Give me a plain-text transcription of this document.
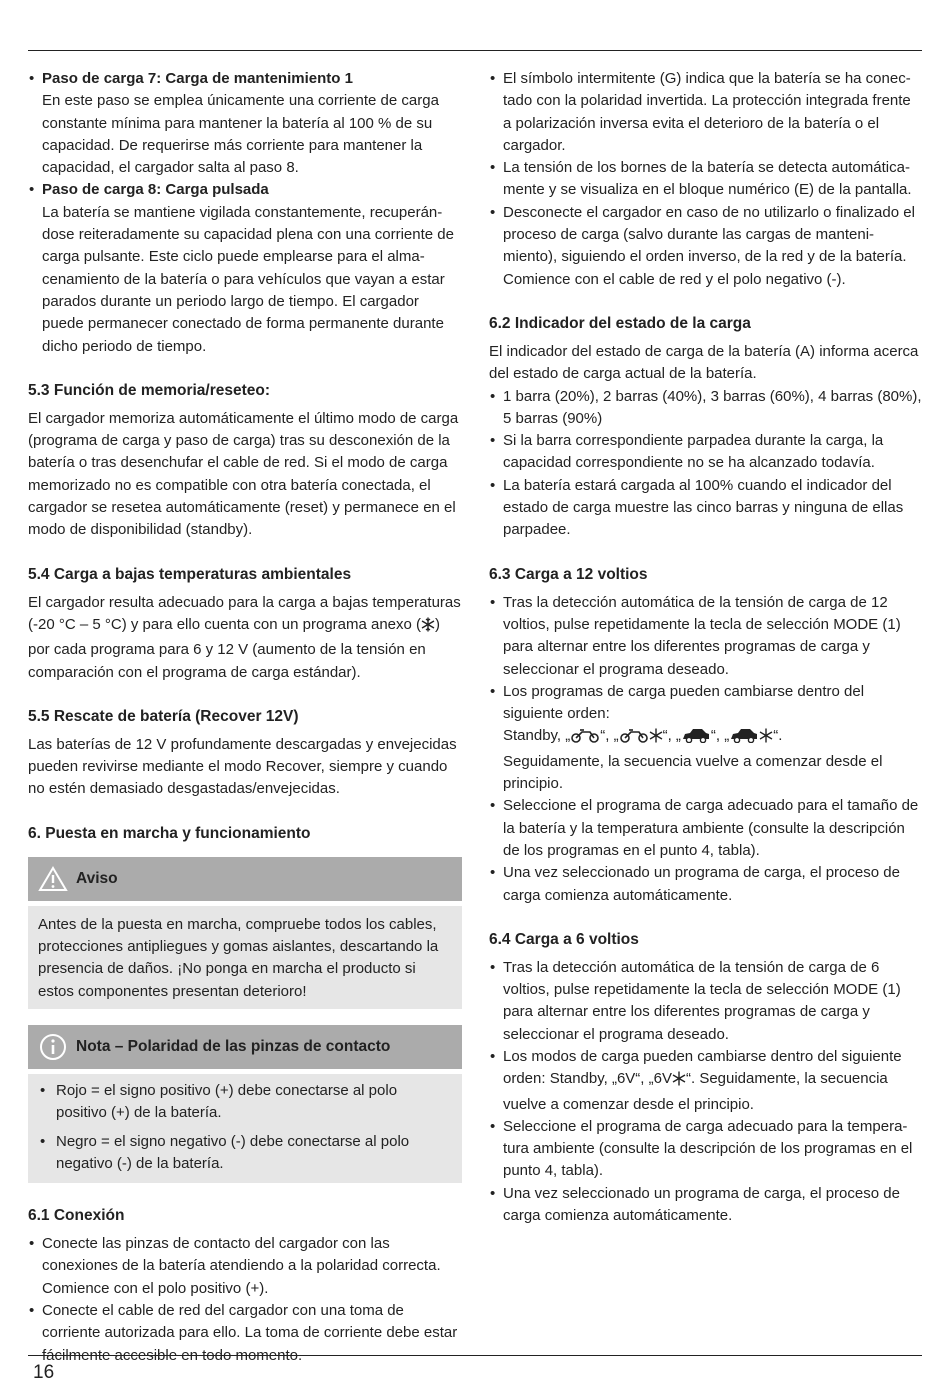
• Paso de carga 7: Carga de mantenimiento 1
En este paso se emplea únicamente una corriente de carga constante mínima para mantener la batería al 100 % de su capacidad. De requerirse más corriente para mantener la capacidad, el cargador salta al paso 8.
• Paso de carga 8: Carga pulsada
La batería se mantiene vigilada constantemente, recuperándose reiteradamente su capacidad plena con una corriente de carga pulsante. Este ciclo puede emplearse para el almacenamiento de la batería o para vehículos que vayan a estar parados durante un periodo largo de tiempo. El cargador puede permanecer conectado de forma permanente durante dicho periodo de tiempo.
5.3 Función de memoria/reseteo:

El cargador memoriza automáticamente el último modo de carga (programa de carga y paso de carga) tras su desconexión de la batería o tras desenchufar el cable de red. Si el modo de carga memorizado no es compatible con otra batería conectada, el cargador se resetea automáticamente (reset) y permanece en el modo de disponibilidad (standby).

5.4 Carga a bajas temperaturas ambientales

El cargador resulta adecuado para la carga a bajas temperaturas (-20 °C – 5 °C) y para ello cuenta con un programa anexo ( ) por cada programa para 6 y 12 V (aumento de la tensión en comparación con el programa de carga estándar).

5.5 Rescate de batería (Recover 12V)

Las baterías de 12 V profundamente descargadas y envejecidas pueden revivirse mediante el modo Recover, siempre y cuando no estén demasiado desgastadas/envejecidas.

6. Puesta en marcha y funcionamiento
Aviso

Antes de la puesta en marcha, compruebe todos los cables, protecciones antipliegues y gomas aislantes, descartando la presencia de daños. ¡No ponga en marcha el producto si estos componentes presentan deterioro!

Nota – Polaridad de las pinzas de contacto
• Rojo = el signo positivo (+) debe conectarse al polo positivo (+) de la batería.
• Negro = el signo negativo (-) debe conectarse al polo negativo (-) de la batería.
6.1 Conexión
• Conecte las pinzas de contacto del cargador con las conexiones de la batería atendiendo a la polaridad correcta. Comience con el polo positivo (+).
• Conecte el cable de red del cargador con una toma de corriente autorizada para ello. La toma de corriente debe estar fácilmente accesible en todo momento.
• El símbolo intermitente (G) indica que la batería se ha conectado con la polaridad invertida. La protección integrada frente a polarización inversa evita el deterioro de la batería o el cargador.
• La tensión de los bornes de la batería se detecta automáticamente y se visualiza en el bloque numérico (E) de la pantalla.
• Desconecte el cargador en caso de no utilizarlo o finalizado el proceso de carga (salvo durante las cargas de mantenimiento), siguiendo el orden inverso, de la red y de la batería. Comience con el cable de red y el polo negativo (-).
6.2 Indicador del estado de la carga

El indicador del estado de carga de la batería (A) informa acerca del estado de carga actual de la batería.

• 1 barra (20%), 2 barras (40%), 3 barras (60%), 4 barras (80%), 5 barras (90%)
• Si la barra correspondiente parpadea durante la carga, la capacidad correspondiente no se ha alcanzado todavía.
• La batería estará cargada al 100% cuando el indicador del estado de carga muestre las cinco barras y ninguna de ellas parpadee.
6.3 Carga a 12 voltios
• Tras la detección automática de la tensión de carga de 12 voltios, pulse repetidamente la tecla de selección MODE (1) para alternar entre los diferentes programas de carga y seleccionar el programa deseado.
• Los programas de carga pueden cambiarse dentro del siguiente orden:
Standby, „ “, „	“, „ “, „	“.
Seguidamente, la secuencia vuelve a comenzar desde el principio.
• Seleccione el programa de carga adecuado para el tamaño de la batería y la temperatura ambiente (consulte la descripción de los programas en el punto 4, tabla).
• Una vez seleccionado un programa de carga, el proceso de carga comienza automáticamente.
6.4 Carga a 6 voltios
• Tras la detección automática de la tensión de carga de 6 voltios, pulse repetidamente la tecla de selección MODE (1) para alternar entre los diferentes programas de carga y seleccionar el programa deseado.
• Los modos de carga pueden cambiarse dentro del siguiente orden: Standby, „6V“, „6V “. Seguidamente, la secuencia vuelve a comenzar desde el principio.
• Seleccione el programa de carga adecuado para la temperatura ambiente (consulte la descripción de los programas en el punto 4, tabla).
• Una vez seleccionado un programa de carga, el proceso de carga comienza automáticamente.
16
